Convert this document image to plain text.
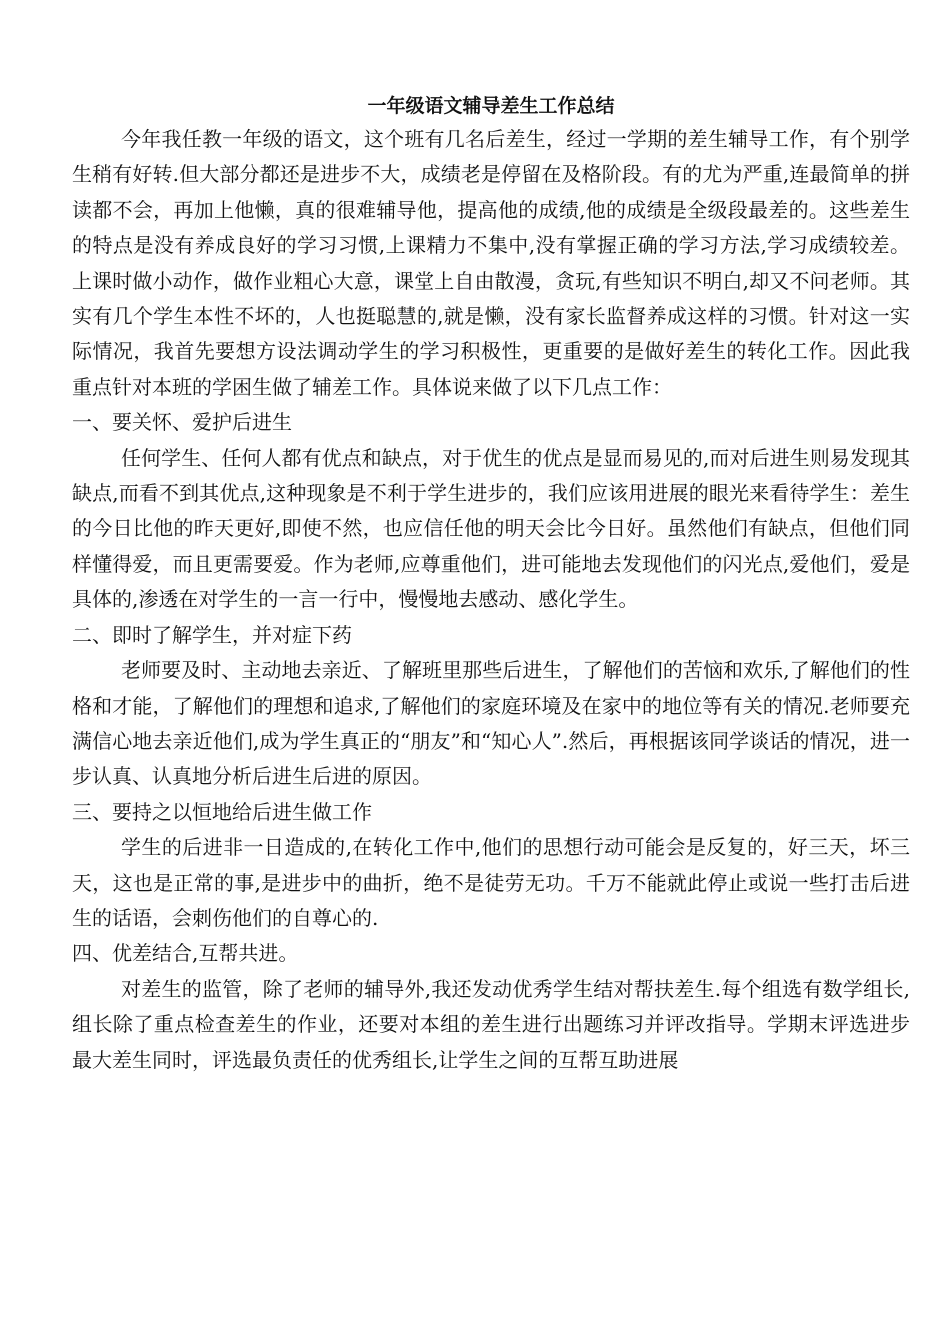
一年级语文辅导差生工作总结

今年我任教一年级的语文，这个班有几名后差生，经过一学期的差生辅导工作，有个别学生稍有好转.但大部分都还是进步不大，成绩老是停留在及格阶段。有的尤为严重,连最简单的拼读都不会，再加上他懒，真的很难辅导他，提高他的成绩,他的成绩是全级段最差的。这些差生的特点是没有养成良好的学习习惯,上课精力不集中,没有掌握正确的学习方法,学习成绩较差。上课时做小动作，做作业粗心大意，课堂上自由散漫，贪玩,有些知识不明白,却又不问老师。其实有几个学生本性不坏的，人也挺聪慧的,就是懒，没有家长监督养成这样的习惯。针对这一实际情况，我首先要想方设法调动学生的学习积极性，更重要的是做好差生的转化工作。因此我重点针对本班的学困生做了辅差工作。具体说来做了以下几点工作：

一、要关怀、爱护后进生

任何学生、任何人都有优点和缺点，对于优生的优点是显而易见的,而对后进生则易发现其缺点,而看不到其优点,这种现象是不利于学生进步的，我们应该用进展的眼光来看待学生：差生的今日比他的昨天更好,即使不然，也应信任他的明天会比今日好。虽然他们有缺点，但他们同样懂得爱，而且更需要爱。作为老师,应尊重他们，进可能地去发现他们的闪光点,爱他们，爱是具体的,渗透在对学生的一言一行中，慢慢地去感动、感化学生。

二、即时了解学生，并对症下药

老师要及时、主动地去亲近、了解班里那些后进生，了解他们的苦恼和欢乐,了解他们的性格和才能，了解他们的理想和追求,了解他们的家庭环境及在家中的地位等有关的情况.老师要充满信心地去亲近他们,成为学生真正的“朋友”和“知心人”.然后，再根据该同学谈话的情况，进一步认真、认真地分析后进生后进的原因。

三、要持之以恒地给后进生做工作

学生的后进非一日造成的,在转化工作中,他们的思想行动可能会是反复的，好三天，坏三天，这也是正常的事,是进步中的曲折，绝不是徒劳无功。千万不能就此停止或说一些打击后进生的话语，会刺伤他们的自尊心的.

四、优差结合,互帮共进。

对差生的监管，除了老师的辅导外,我还发动优秀学生结对帮扶差生.每个组选有数学组长,组长除了重点检查差生的作业，还要对本组的差生进行出题练习并评改指导。学期末评选进步最大差生同时，评选最负责任的优秀组长,让学生之间的互帮互助进展
